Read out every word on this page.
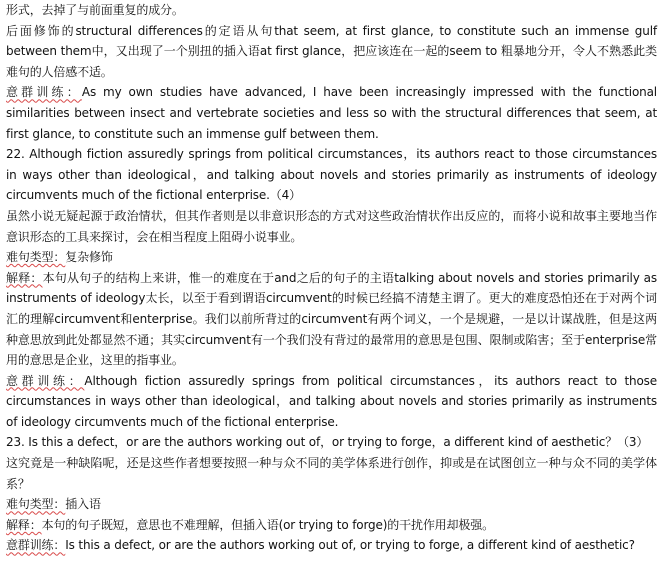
形式，去掉了与前面重复的成分。

后面修饰的structural differences的定语从句that seem, at first glance, to constitute such an immense gulf between them中，又出现了一个别扭的插入语at first glance，把应该连在一起的seem to 粗暴地分开，令人不熟悉此类难句的人倍感不适。

意群训练：As my own studies have advanced, I have been increasingly impressed with the functional similarities between insect and vertebrate societies and less so with the structural differences that seem, at first glance, to constitute such an immense gulf between them.

22. Although fiction assuredly springs from political circumstances，its authors react to those circumstances in ways other than ideological，and talking about novels and stories primarily as instruments of ideology circumvents much of the fictional enterprise.（4）

虽然小说无疑起源于政治情状，但其作者则是以非意识形态的方式对这些政治情状作出反应的，而将小说和故事主要地当作意识形态的工具来探讨，会在相当程度上阻碍小说事业。

难句类型：复杂修饰

解释：本句从句子的结构上来讲，惟一的难度在于and之后的句子的主语talking about novels and stories primarily as instruments of ideology太长，以至于看到谓语circumvent的时候已经搞不清楚主谓了。更大的难度恐怕还在于对两个词汇的理解circumvent和enterprise。我们以前所背过的circumvent有两个词义，一个是规避，一是以计谋战胜，但是这两种意思放到此处都显然不通；其实circumvent有一个我们没有背过的最常用的意思是包围、限制或陷害；至于enterprise常用的意思是企业，这里的指事业。

意群训练：Although fiction assuredly springs from political circumstances，its authors react to those circumstances in ways other than ideological，and talking about novels and stories primarily as instruments of ideology circumvents much of the fictional enterprise.

23. Is this a defect，or are the authors working out of，or trying to forge，a different kind of aesthetic？（3）

这究竟是一种缺陷呢，还是这些作者想要按照一种与众不同的美学体系进行创作，抑或是在试图创立一种与众不同的美学体系？

难句类型：插入语

解释：本句的句子既短，意思也不难理解，但插入语(or trying to forge)的干扰作用却极强。

意群训练：Is this a defect, or are the authors working out of, or trying to forge, a different kind of aesthetic?
